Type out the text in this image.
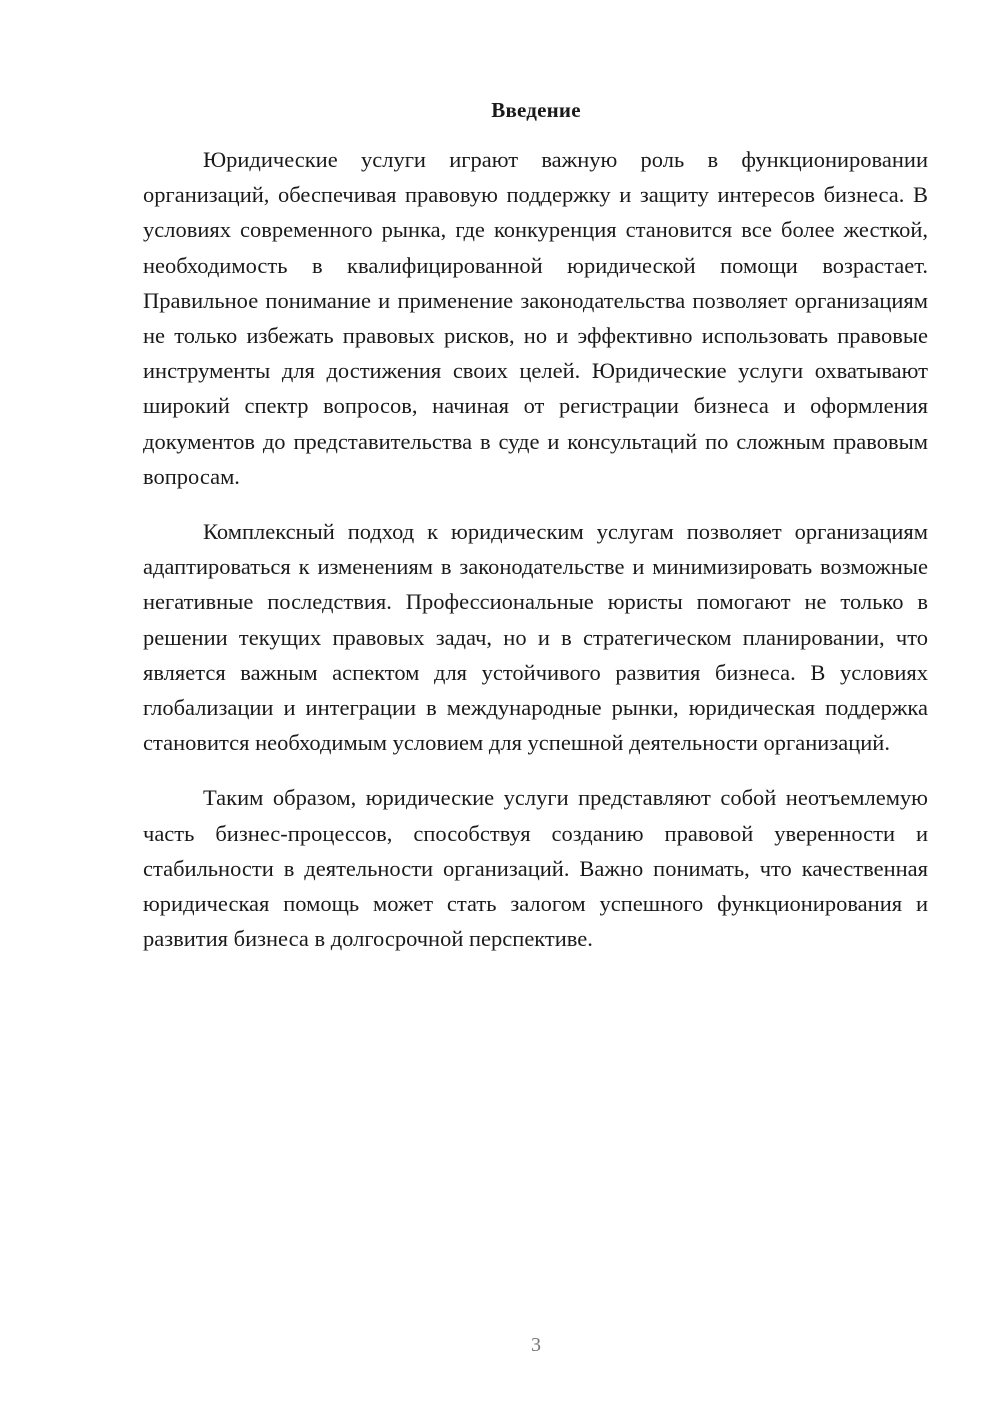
Введение

Юридические услуги играют важную роль в функционировании организаций, обеспечивая правовую поддержку и защиту интересов бизнеса. В условиях современного рынка, где конкуренция становится все более жесткой, необходимость в квалифицированной юридической помощи возрастает. Правильное понимание и применение законодательства позволяет организациям не только избежать правовых рисков, но и эффективно использовать правовые инструменты для достижения своих целей. Юридические услуги охватывают широкий спектр вопросов, начиная от регистрации бизнеса и оформления документов до представительства в суде и консультаций по сложным правовым вопросам.

Комплексный подход к юридическим услугам позволяет организациям адаптироваться к изменениям в законодательстве и минимизировать возможные негативные последствия. Профессиональные юристы помогают не только в решении текущих правовых задач, но и в стратегическом планировании, что является важным аспектом для устойчивого развития бизнеса. В условиях глобализации и интеграции в международные рынки, юридическая поддержка становится необходимым условием для успешной деятельности организаций.

Таким образом, юридические услуги представляют собой неотъемлемую часть бизнес-процессов, способствуя созданию правовой уверенности и стабильности в деятельности организаций. Важно понимать, что качественная юридическая помощь может стать залогом успешного функционирования и развития бизнеса в долгосрочной перспективе.

3
